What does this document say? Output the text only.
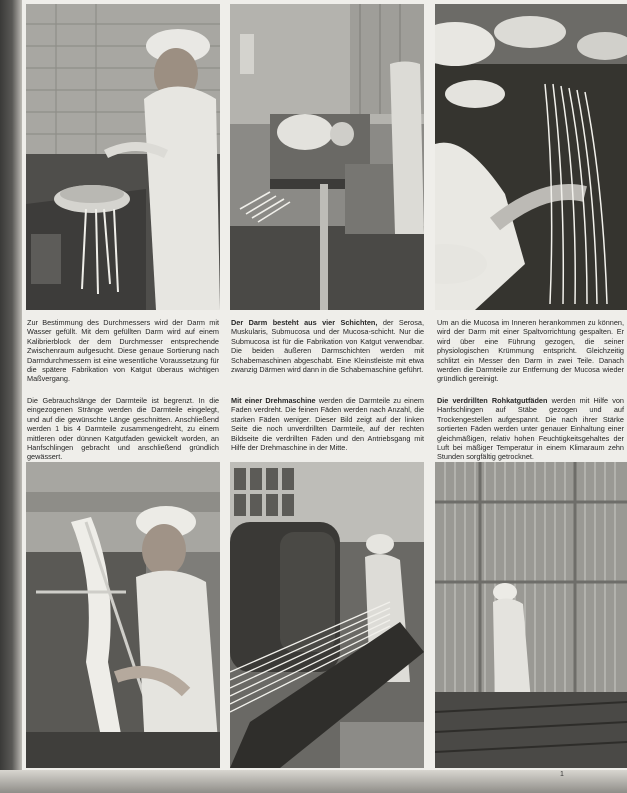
Zur Bestimmung des Durchmessers wird der Darm mit Wasser gefüllt. Mit dem gefüllten Darm wird auf einem Kalibrierblock der dem Durchmesser entsprechende Zwischenraum aufgesucht. Diese genaue Sortierung nach Darmdurchmessern ist eine wesentliche Voraussetzung für die spätere Fabrikation von Katgut überaus wichtigen Maßvergang.

Die Gebrauchslänge der Darmteile ist begrenzt. In die eingezogenen Stränge werden die Darmteile eingelegt, und auf die gewünschte Länge geschnitten. Anschließend werden 1 bis 4 Darmteile zusammengedreht, zu einem mittleren oder dünnen Katgutfaden gewickelt worden, an Hanfschlingen gebracht und anschließend gründlich gewässert.

Der Darm besteht aus vier Schichten, der Serosa, Muskularis, Submucosa und der Mucosa-schicht. Nur die Submucosa ist für die Fabrikation von Katgut verwendbar. Die beiden äußeren Darmschichten werden mit Schabemaschinen abgeschabt. Eine Kleinstleiste mit etwa zwanzig Därmen wird dann in die Schabemaschine geführt.

Mit einer Drehmaschine werden die Darmteile zu einem Faden verdreht. Die feinen Fäden werden nach Anzahl, die starken Fäden weniger. Dieser Bild zeigt auf der linken Seite die noch unverdrillten Darmteile, auf der rechten Bildseite die verdrillten Fäden und den Antriebsgang mit Hilfe der Drehmaschine in der Mitte.

Um an die Mucosa im Inneren herankommen zu können, wird der Darm mit einer Spaltvorrichtung gespalten. Er wird über eine Führung gezogen, die seiner physiologischen Krümmung entspricht. Gleichzeitig schlitzt ein Messer den Darm in zwei Teile. Danach werden die Darmteile zur Entfernung der Mucosa wieder gründlich gereinigt.

Die verdrillten Rohkatgutfäden werden mit Hilfe von Hanfschlingen auf Stäbe gezogen und auf Trockengestellen aufgespannt. Die nach ihrer Stärke sortierten Fäden werden unter genauer Einhaltung einer gleichmäßigen, relativ hohen Feuchtigkeitsgehaltes der Luft bei mäßiger Temperatur in einem Klimaraum zehn Stunden sorgfältig getrocknet.

1
